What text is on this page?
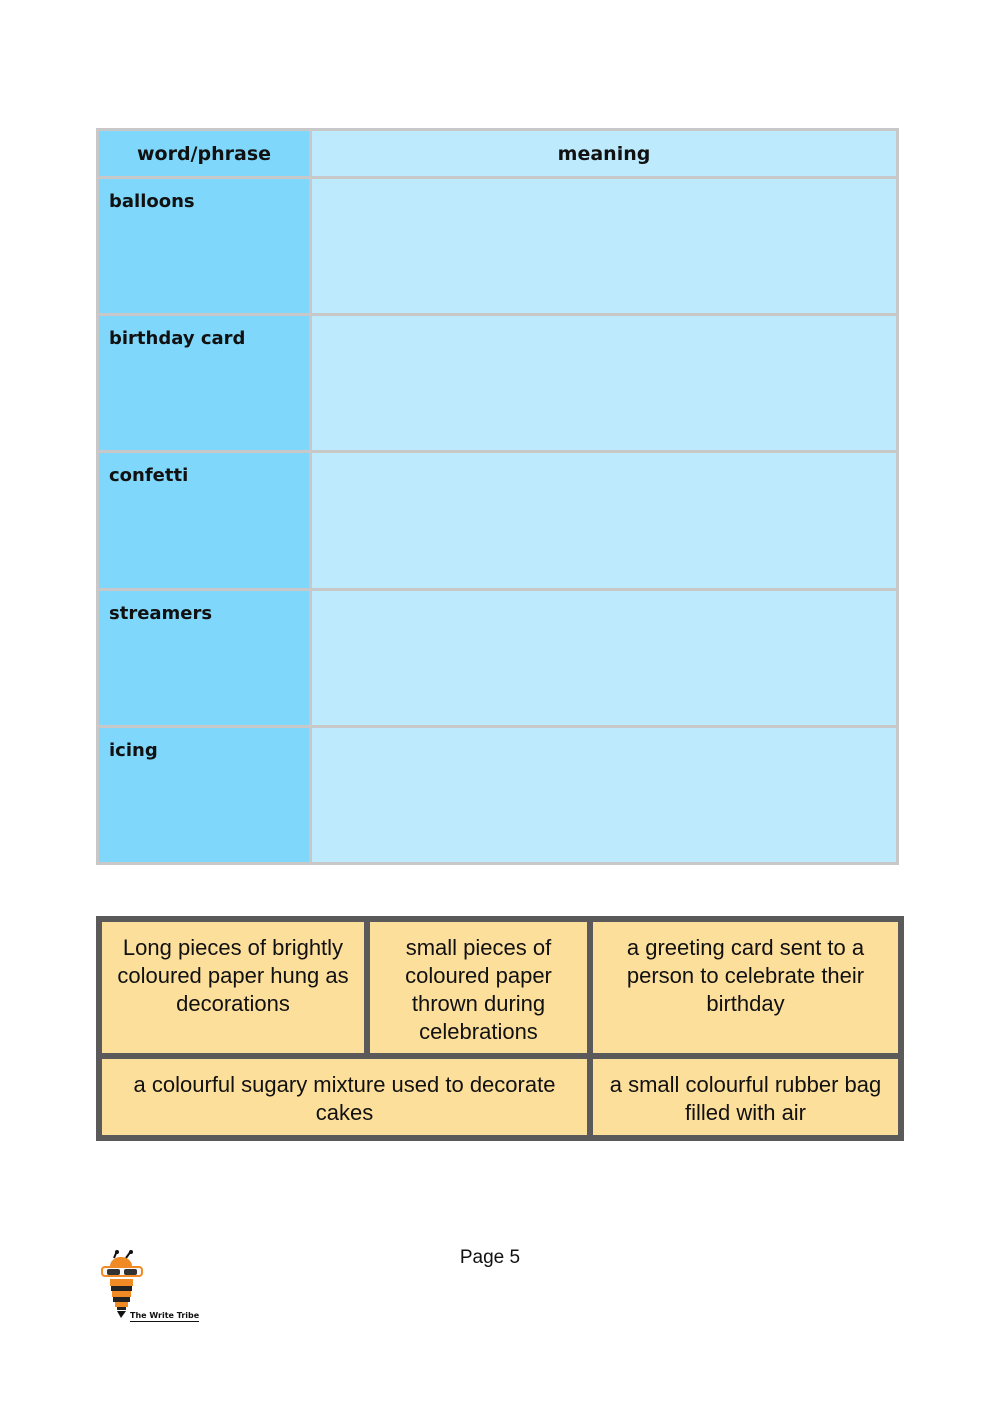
word/phrase	meaning
balloons
birthday card
confetti
streamers
icing
Long pieces of brightly coloured paper hung as decorations
small pieces of coloured paper thrown during celebrations
a greeting card sent to a person to celebrate their birthday
a colourful sugary mixture used to decorate cakes
a small colourful rubber bag filled with air
Page 5
The Write Tribe
